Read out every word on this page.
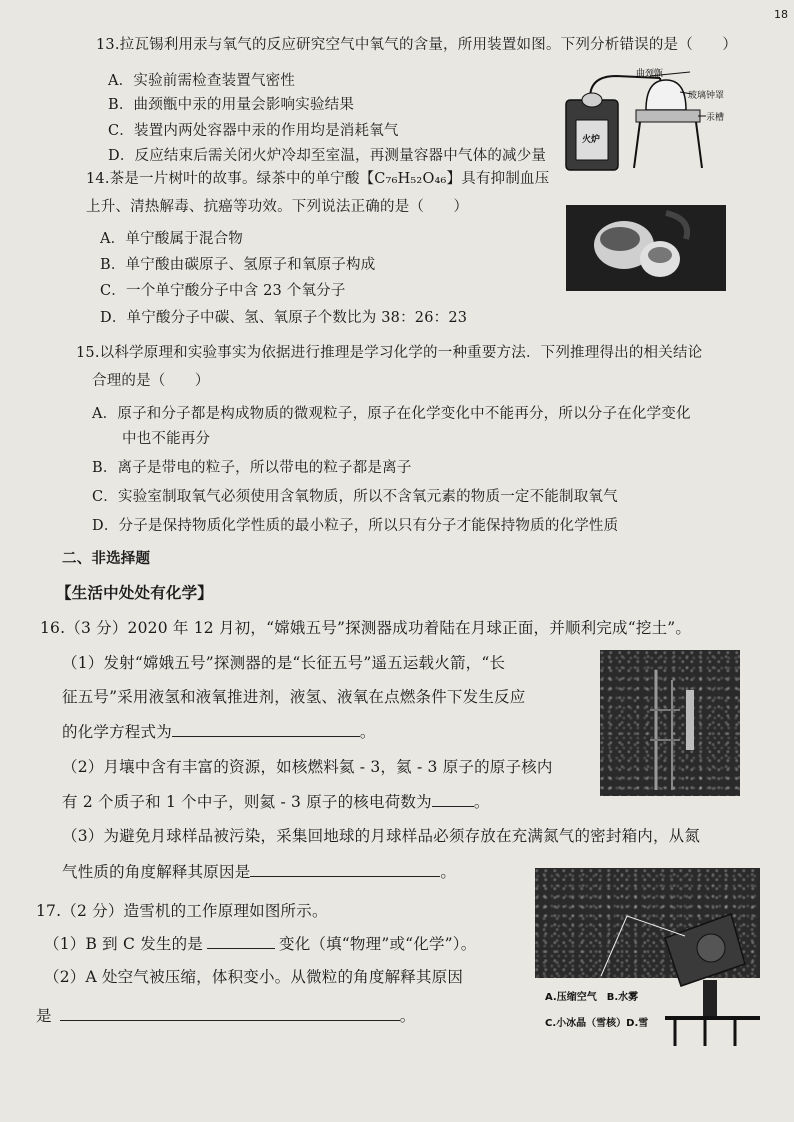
18
13.拉瓦锡利用汞与氧气的反应研究空气中氧气的含量，所用装置如图。下列分析错误的是（　　）
A．实验前需检查装置气密性
B．曲颈甑中汞的用量会影响实验结果
C．装置内两处容器中汞的作用均是消耗氧气
D．反应结束后需关闭火炉冷却至室温，再测量容器中气体的减少量
曲颈甑
玻璃钟罩
汞槽
火炉
14.茶是一片树叶的故事。绿茶中的单宁酸【C₇₆H₅₂O₄₆】具有抑制血压
上升、清热解毒、抗癌等功效。下列说法正确的是（　　）
A．单宁酸属于混合物
B．单宁酸由碳原子、氢原子和氧原子构成
C．一个单宁酸分子中含 23 个氧分子
D．单宁酸分子中碳、氢、氧原子个数比为 38：26：23
15.以科学原理和实验事实为依据进行推理是学习化学的一种重要方法．下列推理得出的相关结论
合理的是（　　）
A．原子和分子都是构成物质的微观粒子，原子在化学变化中不能再分，所以分子在化学变化
中也不能再分
B．离子是带电的粒子，所以带电的粒子都是离子
C．实验室制取氧气必须使用含氧物质，所以不含氧元素的物质一定不能制取氧气
D．分子是保持物质化学性质的最小粒子，所以只有分子才能保持物质的化学性质
二、非选择题
【生活中处处有化学】
16.（3 分）2020 年 12 月初，“嫦娥五号”探测器成功着陆在月球正面，并顺利完成“挖土”。
（1）发射“嫦娥五号”探测器的是“长征五号”遥五运载火箭，“长
征五号”采用液氢和液氧推进剂，液氢、液氧在点燃条件下发生反应
的化学方程式为	。
（2）月壤中含有丰富的资源，如核燃料氦 - 3，氦 - 3 原子的原子核内
有 2 个质子和 1 个中子，则氦 - 3 原子的核电荷数为	。
（3）为避免月球样品被污染，采集回地球的月球样品必须存放在充满氮气的密封箱内，从氮
气性质的角度解释其原因是	。
17.（2 分）造雪机的工作原理如图所示。
（1）B 到 C 发生的是	变化（填“物理”或“化学”）。
（2）A 处空气被压缩，体积变小。从微粒的角度解释其原因
是	。
A.压缩空气　B.水雾
C.小冰晶（雪核）D.雪
